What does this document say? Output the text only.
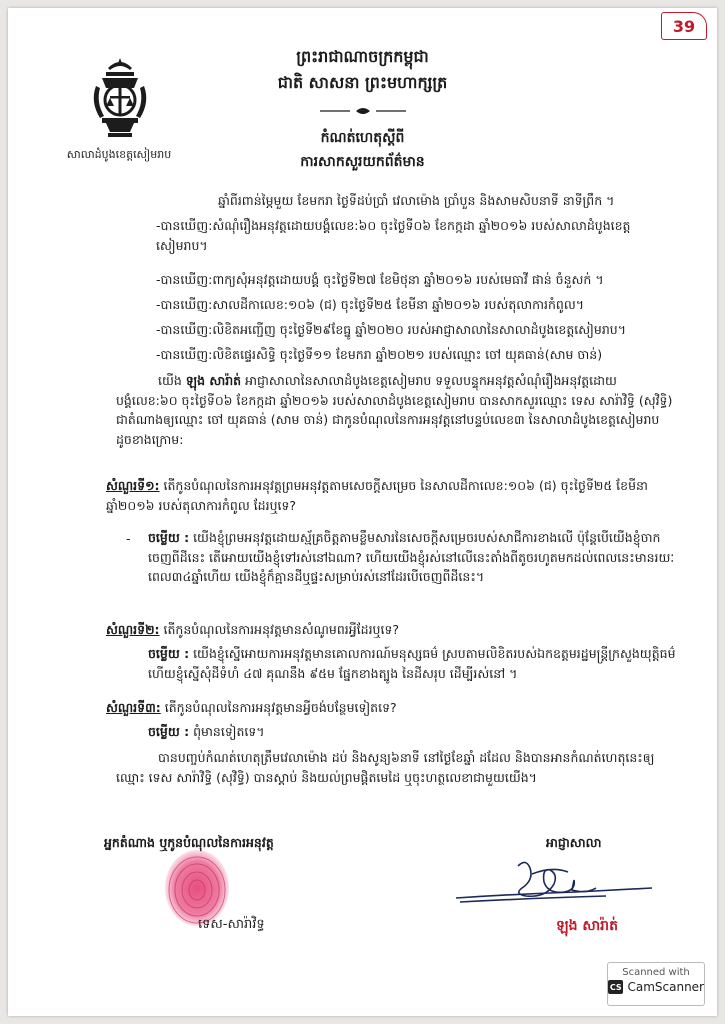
39
សាលាដំបូងខេត្តសៀមរាប
ព្រះរាជាណាចក្រកម្ពុជា
ជាតិ សាសនា ព្រះមហាក្សត្រ
កំណត់ហេតុស្ដីពី
ការសាកសួរយកព័ត៌មាន
ឆ្នាំពីរពាន់ម្ភៃមួយ ខែមករា ថ្ងៃទីដប់ប្រាំ វេលាម៉ោង ប្រាំបួន និងសាមសិបនាទី នាទីព្រឹក ។
-បានឃើញ:សំណុំរឿងអនុវត្តដោយបង្គំលេខ:៦០ ចុះថ្ងៃទី០៦ ខែកក្កដា ឆ្នាំ២០១៦ របស់សាលាដំបូងខេត្តសៀមរាប។
-បានឃើញ:ពាក្យសុំអនុវត្តដោយបង្គំ ចុះថ្ងៃទី២៧ ខែមិថុនា ឆ្នាំ២០១៦ របស់មេធាវី ផាន់ ចំនួសក់ ។
-បានឃើញ:សាលដីកាលេខ:១០៦ (ជ) ចុះថ្ងៃទី២៥ ខែមីនា ឆ្នាំ២០១៦ របស់តុលាការកំពូល។
-បានឃើញ:លិខិតអញ្ជើញ ចុះថ្ងៃទី២៩ខែធ្នូ ឆ្នាំ២០២០ របស់អាជ្ញាសាលានៃសាលាដំបូងខេត្តសៀមរាប។
-បានឃើញ:លិខិតផ្ទេរសិទ្ធិ ចុះថ្ងៃទី១១ ខែមករា ឆ្នាំ២០២១ របស់ឈ្មោះ ចៅ យុគធាន់(សាម ចាន់)
យើង ឡុង សារ៉ាត់ អាជ្ញាសាលានៃសាលាដំបូងខេត្តសៀមរាប ទទួលបន្ទុកអនុវត្តសំណុំរឿងអនុវត្តដោយបង្គំលេខ:៦០ ចុះថ្ងៃទី០៦ ខែកក្កដា ឆ្នាំ២០១៦ របស់សាលាដំបូងខេត្តសៀមរាប បានសាកសួរឈ្មោះ ទេស សារ៉ាវិទ្ធិ (សុវិទ្ធិ) ជាតំណាងឲ្យឈ្មោះ ចៅ យុគធាន់ (សាម ចាន់) ជាកូនបំណុលនៃការអនុវត្តនៅបន្ទប់លេខ៣ នៃសាលាដំបូងខេត្តសៀមរាប ដូចខាងក្រោម:
សំណួរទី១: តើកូនបំណុលនៃការអនុវត្តព្រមអនុវត្តតាមសេចក្ដីសម្រេច នៃសាលដីកាលេខ:១០៦ (ជ) ចុះថ្ងៃទី២៥ ខែមីនា ឆ្នាំ២០១៦ របស់តុលាការកំពូល ដែរឬទេ?
- ចម្លើយ : យើងខ្ញុំព្រមអនុវត្តដោយស្ម័គ្រចិត្តតាមខ្លឹមសារនៃសេចក្ដីសម្រេចរបស់សាជីការខាងលើ ប៉ុន្តែបើយើងខ្ញុំចាកចេញពីដីនេះ តើអោយយើងខ្ញុំទៅរស់នៅឯណា? ហើយយើងខ្ញុំរស់នៅលើនេះតាំងពីតូចរហូតមកដល់ពេលនេះមានរយៈពេល៣៤ឆ្នាំហើយ យើងខ្ញុំក៏គ្មានដីឬផ្ទះសម្រាប់រស់នៅដែរបើចេញពីដីនេះ។
សំណួរទី២: តើកូនបំណុលនៃការអនុវត្តមានសំណូមពរអ្វីដែរឬទេ?
ចម្លើយ : យើងខ្ញុំស្នើអោយការអនុវត្តមានគោលការណ៍មនុស្សធម៌ ស្របតាមលិខិតរបស់ឯកឧត្តមរដ្ឋមន្ត្រីក្រសួងយុត្តិធម៌ ហើយខ្ញុំស្នើសុំដីទំហំ ៤៧ គុណនឹង ៩៥ម ផ្នែកខាងត្បូង នៃដីសរុប ដើម្បីរស់នៅ ។
សំណួរទី៣: តើកូនបំណុលនៃការអនុវត្តមានអ្វីចង់បន្ថែមទៀតទេ?
ចម្លើយ : ពុំមានទៀតទេ។
បានបញ្ចប់កំណត់ហេតុត្រឹមវេលាម៉ោង ដប់ និងសូន្យ៦នាទី នៅថ្ងៃខែឆ្នាំ ដដែល និងបានអានកំណត់ហេតុនេះឲ្យ ឈ្មោះ ទេស សារ៉ាវិទ្ធិ (សុវិទ្ធិ) បានស្ដាប់ និងយល់ព្រមផ្ដិតមេដៃ ឬចុះហត្ថលេខាជាមួយយើង។
អ្នកតំណាង ឬកូនបំណុលនៃការអនុវត្ត
ទេស-សារ៉ាវិទ្ធ
អាជ្ញាសាលា
ឡុង សារ៉ាត់
Scanned with
CS CamScanner
